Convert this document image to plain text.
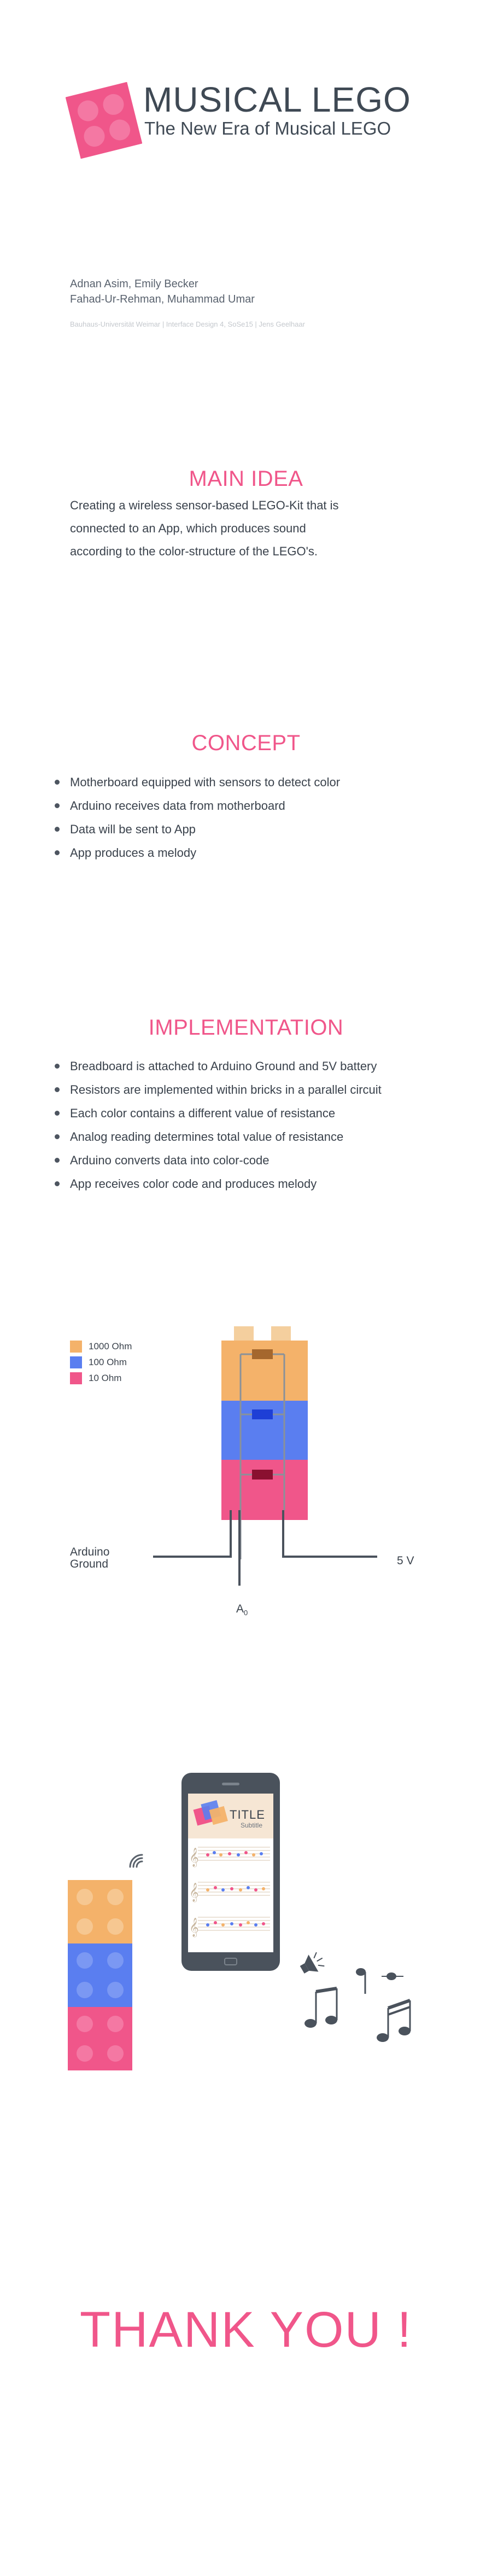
MUSICAL LEGO
The New Era of Musical LEGO
Adnan Asim, Emily Becker
Fahad-Ur-Rehman, Muhammad Umar
Bauhaus-Universität Weimar | Interface Design 4, SoSe15 | Jens Geelhaar
MAIN IDEA
Creating a wireless sensor-based LEGO-Kit that is
connected to an App, which produces sound
according to the color-structure of the LEGO's.
CONCEPT
Motherboard equipped with sensors to detect color
Arduino receives data from motherboard
Data will be sent to App
App produces a melody
IMPLEMENTATION
Breadboard is attached to Arduino Ground and 5V battery
Resistors are implemented within bricks in a parallel circuit
Each color contains a different value of resistance
Analog reading determines total value of resistance
Arduino converts data into color-code
App receives color code and produces melody
1000 Ohm
100 Ohm
10 Ohm
Arduino
Ground	5 V
$A_0$
TITLE
Subtitle
𝄞
𝄞
𝄞
THANK YOU !
